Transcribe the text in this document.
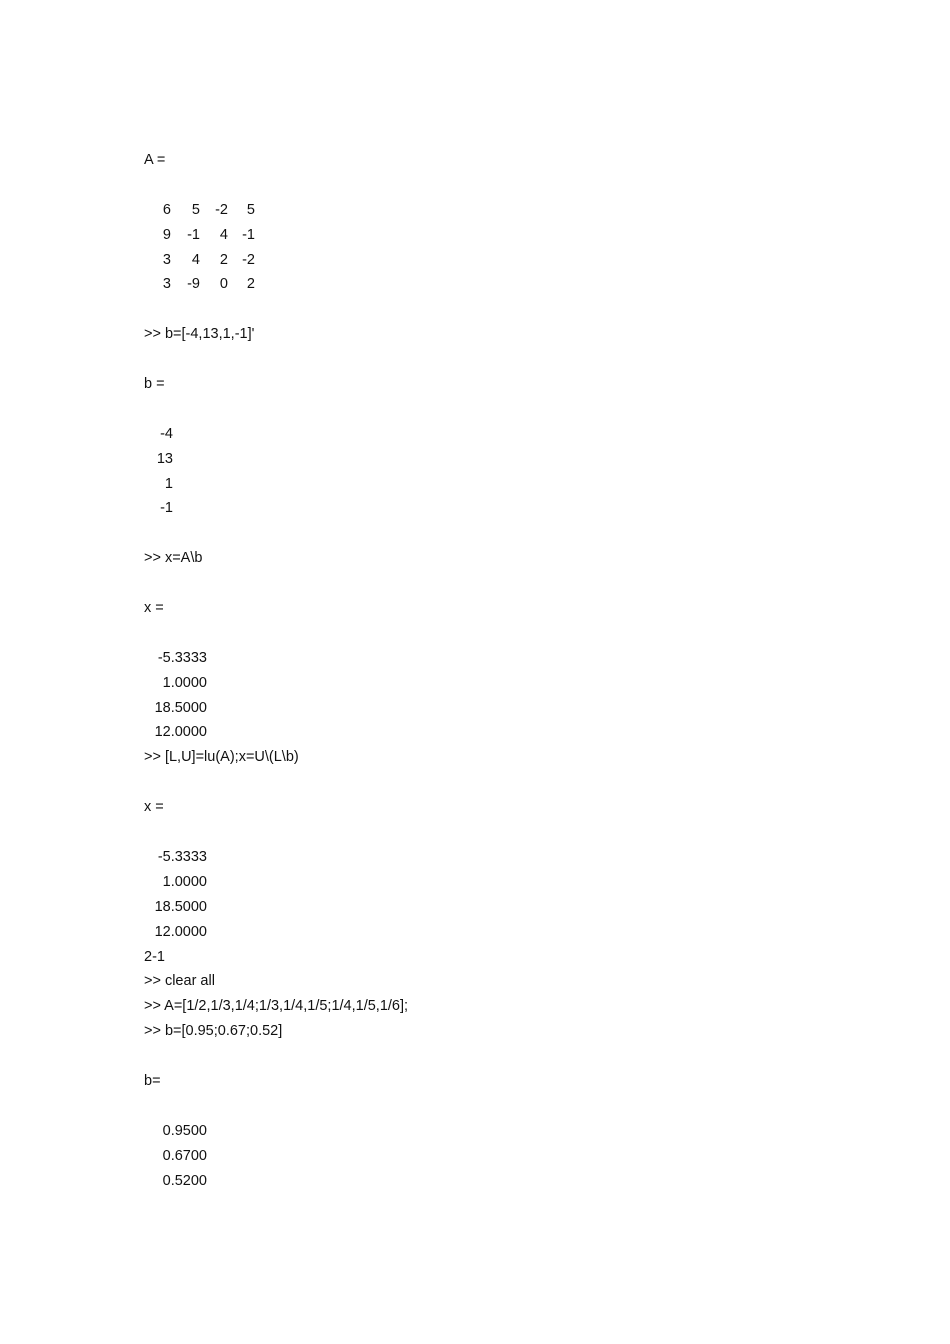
A =
6	5	-2	5
9	-1	4 -1
3	4	2 -2
3	-9	0	2
>> b=[-4,13,1,-1]'
b =
-4
13
1
-1
>> x=A\b
x =
-5.3333
1.0000
18.5000
12.0000
>> [L,U]=lu(A);x=U\(L\b)
x =
-5.3333
1.0000
18.5000
12.0000
2-1
>> clear all
>> A=[1/2,1/3,1/4;1/3,1/4,1/5;1/4,1/5,1/6];
>> b=[0.95;0.67;0.52]
b=
0.9500
0.6700
0.5200
